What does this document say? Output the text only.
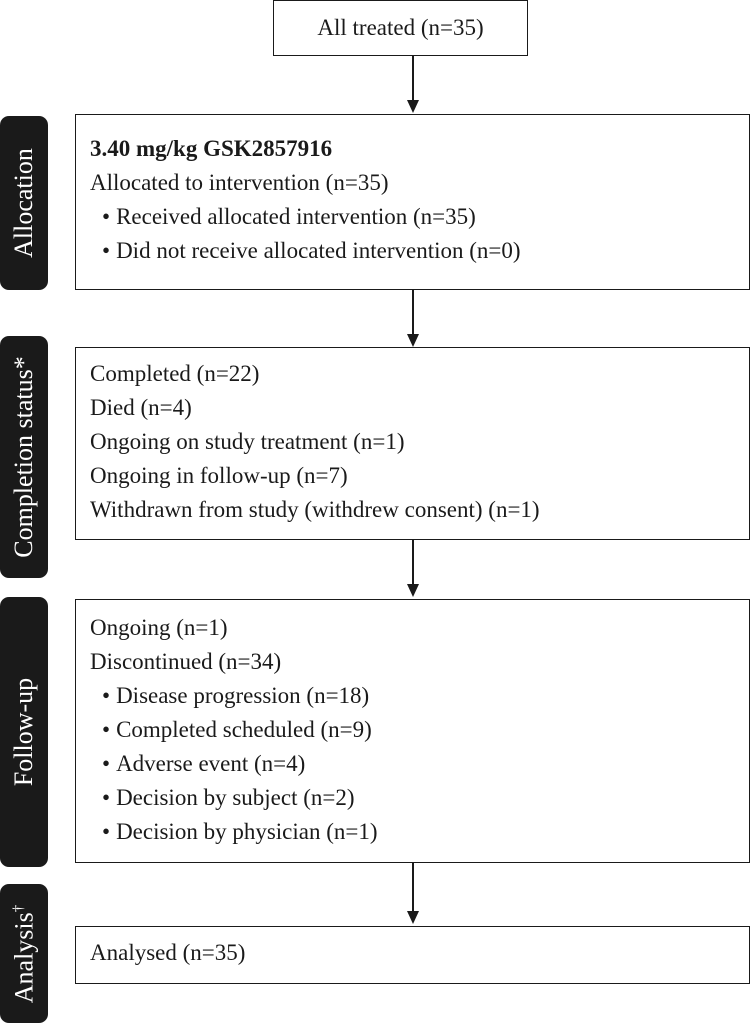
All treated (n=35)
Allocation 3.40 mg/kg GSK2857916
Allocated to intervention (n=35)
• Received allocated intervention (n=35)
• Did not receive allocated intervention (n=0)
Completion status* Completed (n=22)
Died (n=4)
Ongoing on study treatment (n=1)
Ongoing in follow-up (n=7)
Withdrawn from study (withdrew consent) (n=1)
Follow-up
Ongoing (n=1)
Discontinued (n=34)
• Disease progression (n=18)
• Completed scheduled (n=9)
• Adverse event (n=4)
• Decision by subject (n=2)
• Decision by physician (n=1)
Analysis†
Analysed (n=35)
